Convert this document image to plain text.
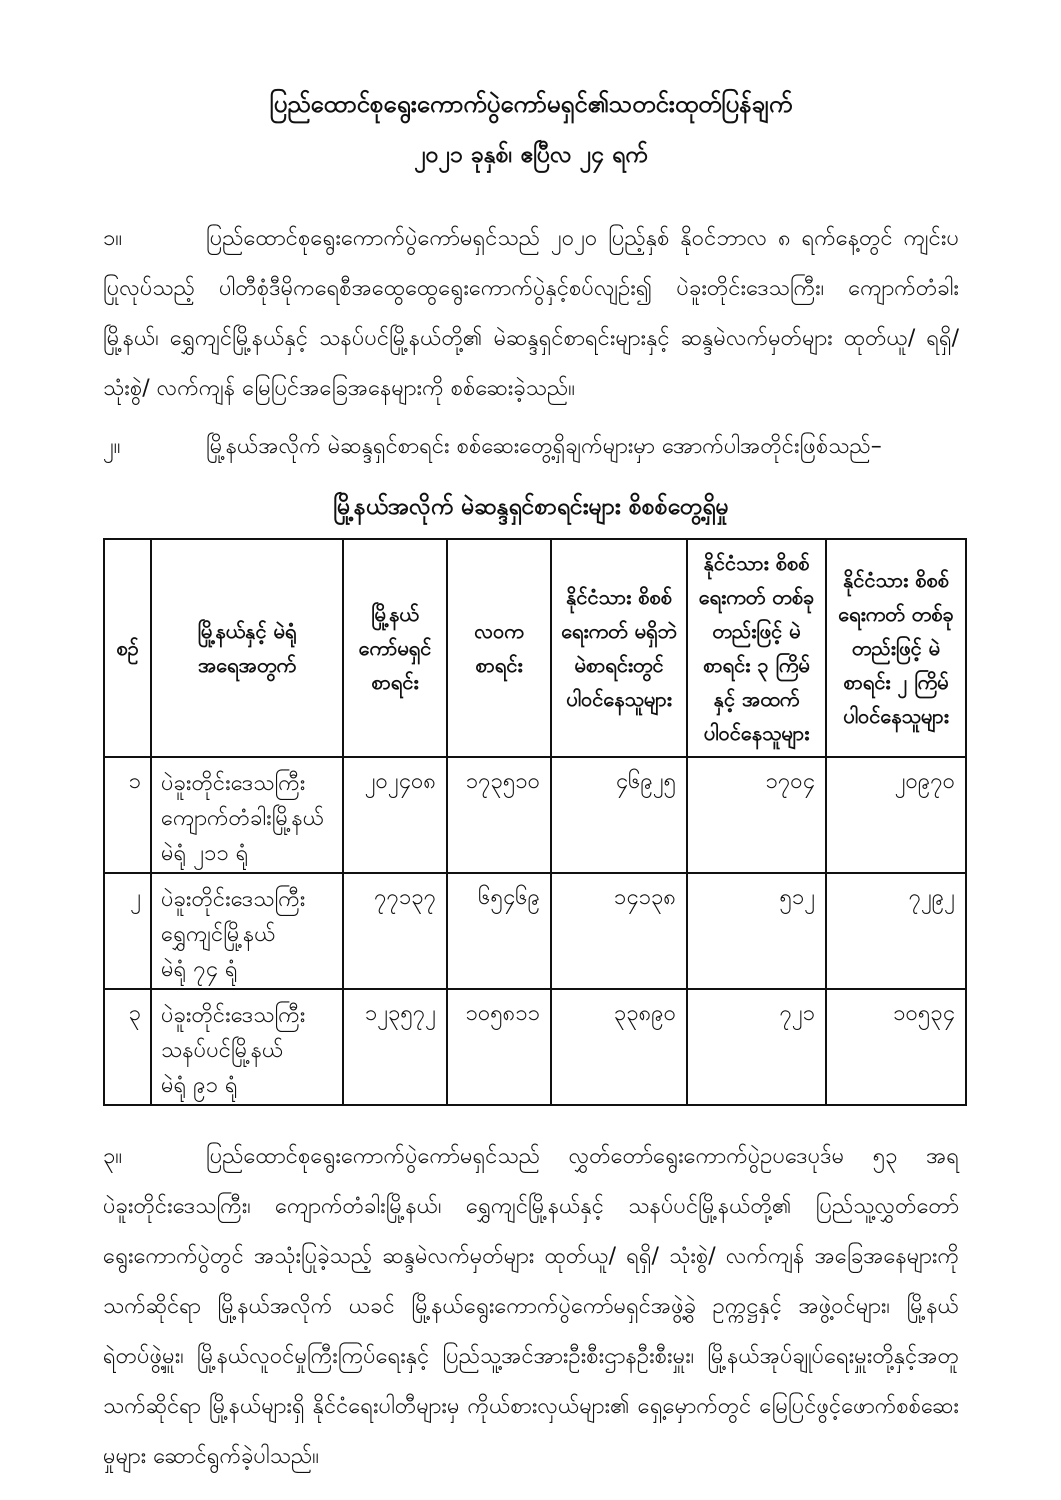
ပြည်ထောင်စုရွေးကောက်ပွဲကော်မရှင်၏သတင်းထုတ်ပြန်ချက်
၂၀၂၁ ခုနှစ်၊ ဧပြီလ ၂၄ ရက်

၁။	ပြည်ထောင်စုရွေးကောက်ပွဲကော်မရှင်သည် ၂၀၂၀ ပြည့်နှစ် နိုဝင်ဘာလ ၈ ရက်နေ့တွင် ကျင်းပပြုလုပ်သည့် ပါတီစုံဒီမိုကရေစီအထွေထွေရွေးကောက်ပွဲနှင့်စပ်လျဉ်း၍ ပဲခူးတိုင်းဒေသကြီး၊ ကျောက်တံခါးမြို့နယ်၊ ရွှေကျင်မြို့နယ်နှင့် သနပ်ပင်မြို့နယ်တို့၏ မဲဆန္ဒရှင်စာရင်းများနှင့် ဆန္ဒမဲလက်မှတ်များ ထုတ်ယူ/ ရရှိ/ သုံးစွဲ/ လက်ကျန် မြေပြင်အခြေအနေများကို စစ်ဆေးခဲ့သည်။

၂။	မြို့နယ်အလိုက် မဲဆန္ဒရှင်စာရင်း စစ်ဆေးတွေ့ရှိချက်များမှာ အောက်ပါအတိုင်းဖြစ်သည်–

မြို့နယ်အလိုက် မဲဆန္ဒရှင်စာရင်းများ စိစစ်တွေ့ရှိမှု
စဉ်	မြို့နယ်နှင့် မဲရုံအရေအတွက်	မြို့နယ် ကော်မရှင် စာရင်း	လဝက စာရင်း	နိုင်ငံသား စိစစ်ရေးကတ် မရှိဘဲ မဲစာရင်းတွင် ပါဝင်နေသူများ	နိုင်ငံသား စိစစ်ရေးကတ် တစ်ခုတည်းဖြင့် မဲစာရင်း ၃ ကြိမ် နှင့် အထက် ပါဝင်နေသူများ	နိုင်ငံသား စိစစ်ရေးကတ် တစ်ခုတည်းဖြင့် မဲစာရင်း ၂ ကြိမ် ပါဝင်နေသူများ
၁	ပဲခူးတိုင်းဒေသကြီး
ကျောက်တံခါးမြို့နယ်
မဲရုံ ၂၁၁ ရုံ	၂၀၂၄၀၈	၁၇၃၅၁၀	၄၆၉၂၅	၁၇၀၄	၂၀၉၇၀
၂	ပဲခူးတိုင်းဒေသကြီး
ရွှေကျင်မြို့နယ်
မဲရုံ ၇၄ ရုံ	၇၇၁၃၇	၆၅၄၆၉	၁၄၁၃၈	၅၁၂	၇၂၉၂
၃	ပဲခူးတိုင်းဒေသကြီး
သနပ်ပင်မြို့နယ်
မဲရုံ ၉၁ ရုံ	၁၂၃၅၇၂	၁၀၅၈၁၁	၃၃၈၉၀	၇၂၁	၁၀၅၃၄

၃။	ပြည်ထောင်စုရွေးကောက်ပွဲကော်မရှင်သည် လွှတ်တော်ရွေးကောက်ပွဲဥပဒေပုဒ်မ ၅၃ အရ ပဲခူးတိုင်းဒေသကြီး၊ ကျောက်တံခါးမြို့နယ်၊ ရွှေကျင်မြို့နယ်နှင့် သနပ်ပင်မြို့နယ်တို့၏ ပြည်သူ့လွှတ်တော်ရွေးကောက်ပွဲတွင် အသုံးပြုခဲ့သည့် ဆန္ဒမဲလက်မှတ်များ ထုတ်ယူ/ ရရှိ/ သုံးစွဲ/ လက်ကျန် အခြေအနေများကို သက်ဆိုင်ရာ မြို့နယ်အလိုက် ယခင် မြို့နယ်ရွေးကောက်ပွဲကော်မရှင်အဖွဲ့ခွဲ ဥက္ကဋ္ဌနှင့် အဖွဲ့ဝင်များ၊ မြို့နယ်ရဲတပ်ဖွဲ့မှူး၊ မြို့နယ်လူဝင်မှုကြီးကြပ်ရေးနှင့် ပြည်သူ့အင်အားဦးစီးဌာနဦးစီးမှူး၊ မြို့နယ်အုပ်ချုပ်ရေးမှူးတို့နှင့်အတူ သက်ဆိုင်ရာ မြို့နယ်များရှိ နိုင်ငံရေးပါတီများမှ ကိုယ်စားလှယ်များ၏ ရှေ့မှောက်တွင် မြေပြင်ဖွင့်ဖောက်စစ်ဆေးမှုများ ဆောင်ရွက်ခဲ့ပါသည်။
